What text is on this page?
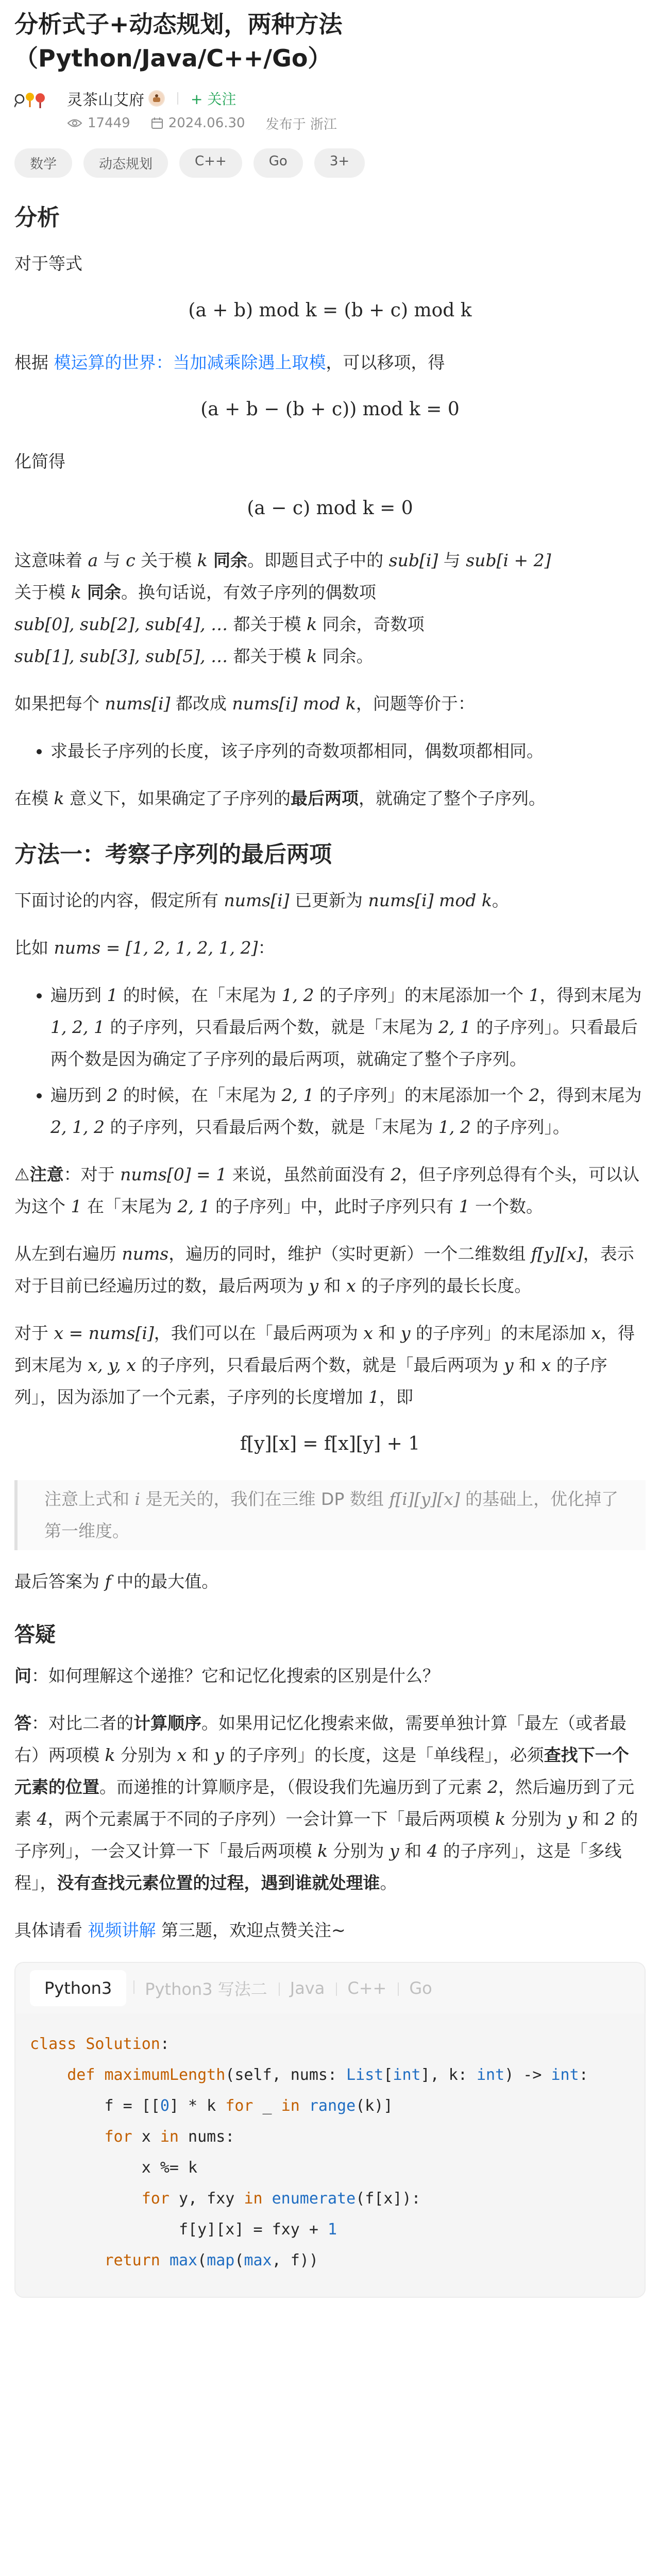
分析式子+动态规划，两种方法
（Python/Java/C++/Go）
灵茶山艾府	+ 关注
17449	2024.06.30 发布于 浙江
数学	动态规划	C++	Go	3+
分析

对于等式

(a + b) mod k = (b + c) mod k

根据 模运算的世界：当加减乘除遇上取模，可以移项，得

(a + b − (b + c)) mod k = 0

化简得

(a − c) mod k = 0

这意味着 a 与 c 关于模 k 同余。即题目式子中的 sub[i] 与 sub[i + 2]
关于模 k 同余。换句话说，有效子序列的偶数项
sub[0], sub[2], sub[4], … 都关于模 k 同余，奇数项
sub[1], sub[3], sub[5], … 都关于模 k 同余。

如果把每个 nums[i] 都改成 nums[i] mod k，问题等价于：

• 求最长子序列的长度，该子序列的奇数项都相同，偶数项都相同。

在模 k 意义下，如果确定了子序列的最后两项，就确定了整个子序列。

方法一：考察子序列的最后两项

下面讨论的内容，假定所有 nums[i] 已更新为 nums[i] mod k。

比如 nums = [1, 2, 1, 2, 1, 2]：

• 遍历到 1 的时候，在「末尾为 1, 2 的子序列」的末尾添加一个 1，得到末尾为 1, 2, 1 的子序列，只看最后两个数，就是「末尾为 2, 1 的子序列」。只看最后两个数是因为确定了子序列的最后两项，就确定了整个子序列。
• 遍历到 2 的时候，在「末尾为 2, 1 的子序列」的末尾添加一个 2，得到末尾为 2, 1, 2 的子序列，只看最后两个数，就是「末尾为 1, 2 的子序列」。

⚠注意：对于 nums[0] = 1 来说，虽然前面没有 2，但子序列总得有个头，可以认为这个 1 在「末尾为 2, 1 的子序列」中，此时子序列只有 1 一个数。

从左到右遍历 nums，遍历的同时，维护（实时更新）一个二维数组 f[y][x]，表示对于目前已经遍历过的数，最后两项为 y 和 x 的子序列的最长长度。

对于 x = nums[i]，我们可以在「最后两项为 x 和 y 的子序列」的末尾添加 x，得到末尾为 x, y, x 的子序列，只看最后两个数，就是「最后两项为 y 和 x 的子序列」，因为添加了一个元素，子序列的长度增加 1，即

f[y][x] = f[x][y] + 1

注意上式和 i 是无关的，我们在三维 DP 数组 f[i][y][x] 的基础上，优化掉了第一维度。

最后答案为 f 中的最大值。

答疑

问：如何理解这个递推？它和记忆化搜索的区别是什么？

答：对比二者的计算顺序。如果用记忆化搜索来做，需要单独计算「最左（或者最右）两项模 k 分别为 x 和 y 的子序列」的长度，这是「单线程」，必须查找下一个元素的位置。而递推的计算顺序是，（假设我们先遍历到了元素 2，然后遍历到了元素 4，两个元素属于不同的子序列）一会计算一下「最后两项模 k 分别为 y 和 2 的子序列」，一会又计算一下「最后两项模 k 分别为 y 和 4 的子序列」，这是「多线程」，没有查找元素位置的过程，遇到谁就处理谁。

具体请看 视频讲解 第三题，欢迎点赞关注~

Python3	Python3 写法二	Java	C++	Go
class Solution:
def maximumLength(self, nums: List[int], k: int) -> int:
f = [[0] * k for _ in range(k)]
for x in nums:
x %= k
for y, fxy in enumerate(f[x]):
f[y][x] = fxy + 1
return max(map(max, f))
